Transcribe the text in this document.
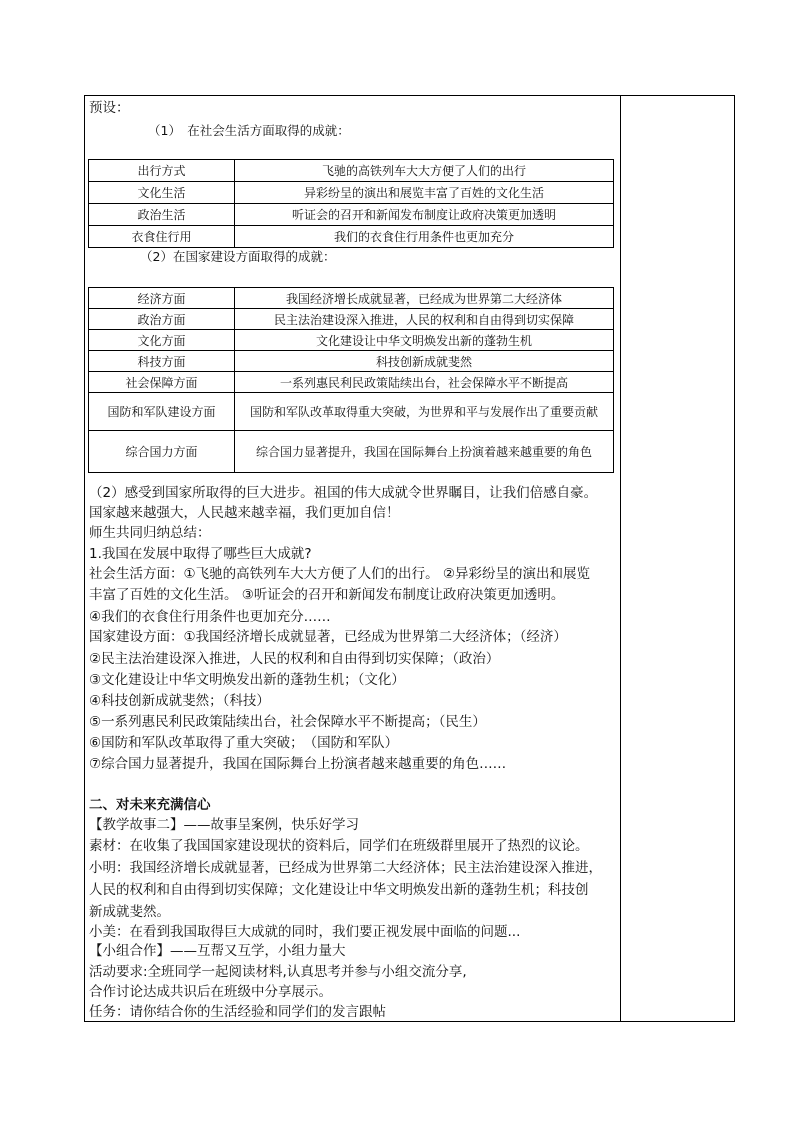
预设：
（1）　在社会生活方面取得的成就：
出行方式	飞驰的高铁列车大大方便了人们的出行
文化生活	异彩纷呈的演出和展览丰富了百姓的文化生活
政治生活	听证会的召开和新闻发布制度让政府决策更加透明
衣食住行用	我们的衣食住行用条件也更加充分
（2）在国家建设方面取得的成就：
经济方面	我国经济增长成就显著，已经成为世界第二大经济体
政治方面	民主法治建设深入推进，人民的权利和自由得到切实保障
文化方面	文化建设让中华文明焕发出新的蓬勃生机
科技方面	科技创新成就斐然
社会保障方面	一系列惠民利民政策陆续出台，社会保障水平不断提高
国防和军队建设方面	国防和军队改革取得重大突破，为世界和平与发展作出了重要贡献
综合国力方面	综合国力显著提升，我国在国际舞台上扮演着越来越重要的角色
（2）感受到国家所取得的巨大进步。祖国的伟大成就令世界瞩目，让我们倍感自豪。
国家越来越强大，人民越来越幸福，我们更加自信！
师生共同归纳总结：
1.我国在发展中取得了哪些巨大成就?
社会生活方面：①飞驰的高铁列车大大方便了人们的出行。 ②异彩纷呈的演出和展览
丰富了百姓的文化生活。 ③听证会的召开和新闻发布制度让政府决策更加透明。
④我们的衣食住行用条件也更加充分……
国家建设方面：①我国经济增长成就显著，已经成为世界第二大经济体；（经济）
②民主法治建设深入推进，人民的权利和自由得到切实保障；（政治）
③文化建设让中华文明焕发出新的蓬勃生机；（文化）
④科技创新成就斐然；（科技）
⑤一系列惠民利民政策陆续出台，社会保障水平不断提高；（民生）
⑥国防和军队改革取得了重大突破；　（国防和军队）
⑦综合国力显著提升，我国在国际舞台上扮演者越来越重要的角色……
二、对未来充满信心
【教学故事二】——故事呈案例，快乐好学习
素材：在收集了我国国家建设现状的资料后，同学们在班级群里展开了热烈的议论。
小明：我国经济增长成就显著，已经成为世界第二大经济体；民主法治建设深入推进，
人民的权利和自由得到切实保障；文化建设让中华文明焕发出新的蓬勃生机；科技创
新成就斐然。
小美：在看到我国取得巨大成就的同时，我们要正视发展中面临的问题...
【小组合作】——互帮又互学，小组力量大
活动要求:全班同学一起阅读材料,认真思考并参与小组交流分享,
合作讨论达成共识后在班级中分享展示。
任务：请你结合你的生活经验和同学们的发言跟帖
